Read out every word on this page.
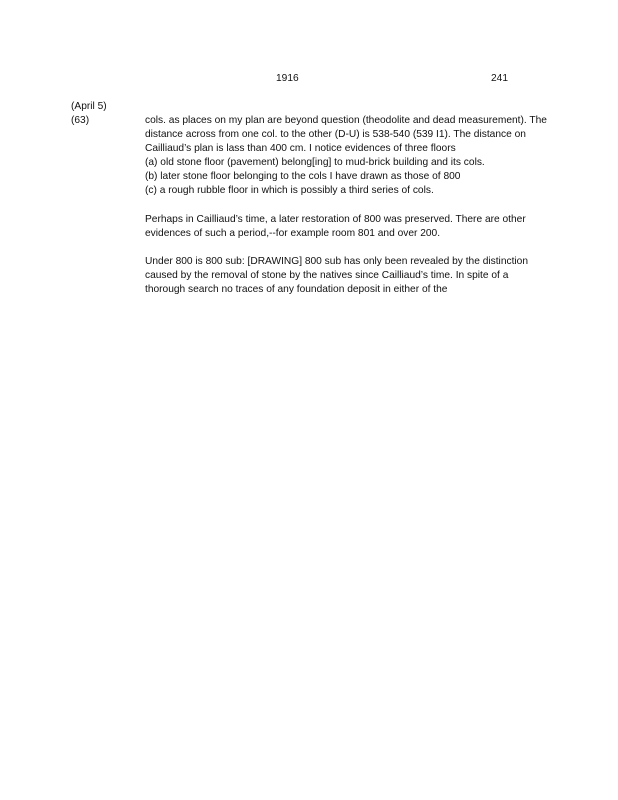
1916	241
(April 5)
(63)	cols. as places on my plan are beyond question (theodolite and dead measurement). The
distance across from one col. to the other (D-U) is 538-540 (539 I1). The distance on
Cailliaud’s plan is lass than 400 cm. I notice evidences of three floors
(a) old stone floor (pavement) belong[ing] to mud-brick building and its cols.
(b) later stone floor belonging to the cols I have drawn as those of 800
(c) a rough rubble floor in which is possibly a third series of cols.
Perhaps in Cailliaud’s time, a later restoration of 800 was preserved. There are other
evidences of such a period,--for example room 801 and over 200.
Under 800 is 800 sub: [DRAWING] 800 sub has only been revealed by the distinction
caused by the removal of stone by the natives since Cailliaud’s time. In spite of a
thorough search no traces of any foundation deposit in either of the
